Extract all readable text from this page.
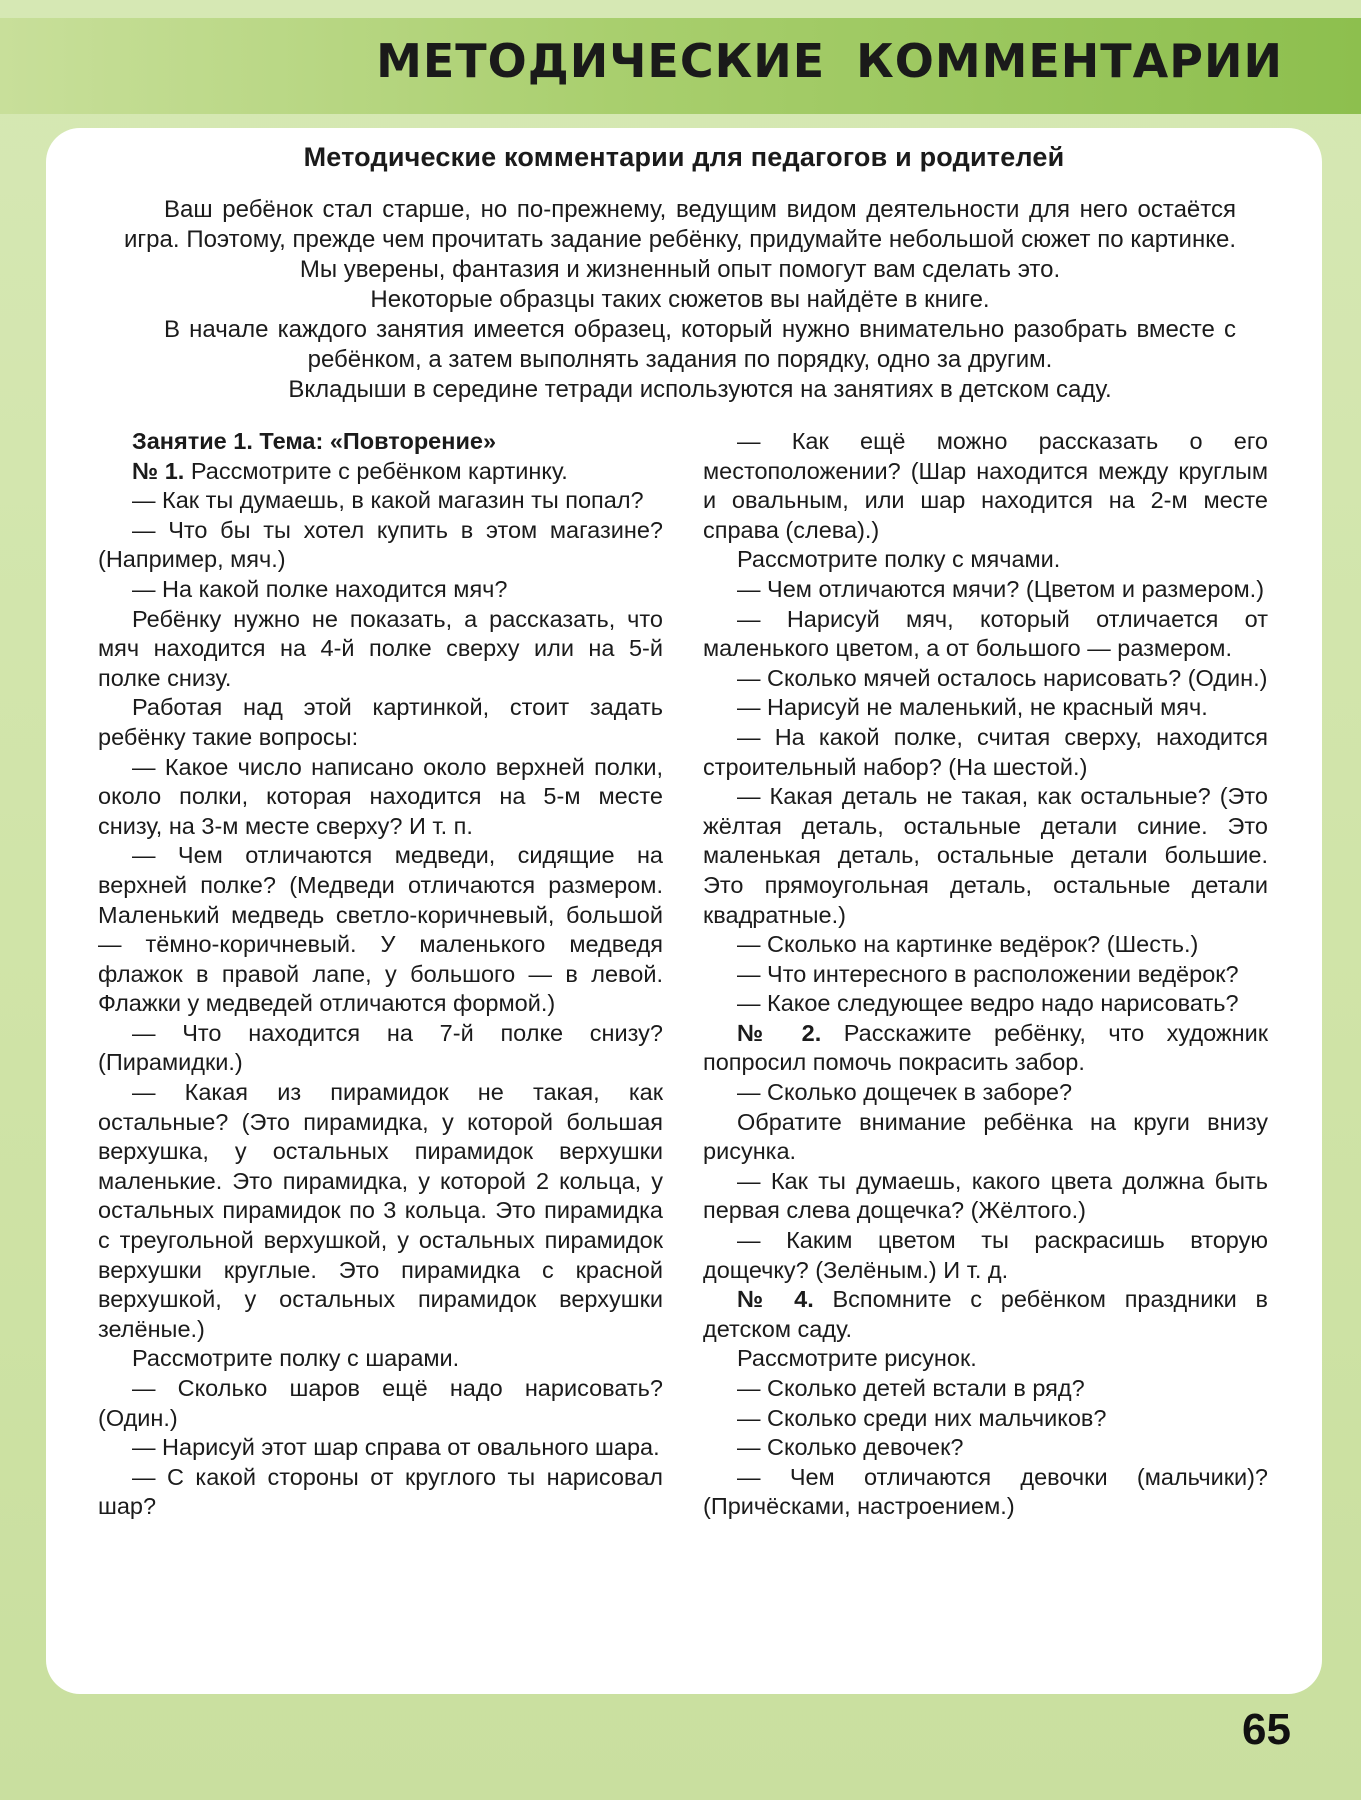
МЕТОДИЧЕСКИЕ КОММЕНТАРИИ
Методические комментарии для педагогов и родителей

Ваш ребёнок стал старше, но по-прежнему, ведущим видом деятельности для него остаётся игра. Поэтому, прежде чем прочитать задание ребёнку, придумайте небольшой сюжет по картинке. Мы уверены, фантазия и жизненный опыт помогут вам сделать это.

Некоторые образцы таких сюжетов вы найдёте в книге.

В начале каждого занятия имеется образец, который нужно внимательно разобрать вместе с ребёнком, а затем выполнять задания по порядку, одно за другим.

Вкладыши в середине тетради используются на занятиях в детском саду.

Занятие 1. Тема: «Повторение»

№ 1. Рассмотрите с ребёнком картинку.

— Как ты думаешь, в какой магазин ты попал?

— Что бы ты хотел купить в этом магазине? (Например, мяч.)

— На какой полке находится мяч?

Ребёнку нужно не показать, а рассказать, что мяч находится на 4-й полке сверху или на 5-й полке снизу.

Работая над этой картинкой, стоит задать ребёнку такие вопросы:

— Какое число написано около верхней полки, около полки, которая находится на 5-м месте снизу, на 3-м месте сверху? И т. п.

— Чем отличаются медведи, сидящие на верхней полке? (Медведи отличаются размером. Маленький медведь светло-коричневый, большой — тёмно-коричневый. У маленького медведя флажок в правой лапе, у большого — в левой. Флажки у медведей отличаются формой.)

— Что находится на 7-й полке снизу? (Пирамидки.)

— Какая из пирамидок не такая, как остальные? (Это пирамидка, у которой большая верхушка, у остальных пирамидок верхушки маленькие. Это пирамидка, у которой 2 кольца, у остальных пирамидок по 3 кольца. Это пирамидка с треугольной верхушкой, у остальных пирамидок верхушки круглые. Это пирамидка с красной верхушкой, у остальных пирамидок верхушки зелёные.)

Рассмотрите полку с шарами.

— Сколько шаров ещё надо нарисовать? (Один.)

— Нарисуй этот шар справа от овального шара.

— С какой стороны от круглого ты нарисовал шар?

— Как ещё можно рассказать о его местоположении? (Шар находится между круглым и овальным, или шар находится на 2-м месте справа (слева).)

Рассмотрите полку с мячами.

— Чем отличаются мячи? (Цветом и размером.)

— Нарисуй мяч, который отличается от маленького цветом, а от большого — размером.

— Сколько мячей осталось нарисовать? (Один.)

— Нарисуй не маленький, не красный мяч.

— На какой полке, считая сверху, находится строительный набор? (На шестой.)

— Какая деталь не такая, как остальные? (Это жёлтая деталь, остальные детали синие. Это маленькая деталь, остальные детали большие. Это прямоугольная деталь, остальные детали квадратные.)

— Сколько на картинке ведёрок? (Шесть.)

— Что интересного в расположении ведёрок?

— Какое следующее ведро надо нарисовать?

№ 2. Расскажите ребёнку, что художник попросил помочь покрасить забор.

— Сколько дощечек в заборе?

Обратите внимание ребёнка на круги внизу рисунка.

— Как ты думаешь, какого цвета должна быть первая слева дощечка? (Жёлтого.)

— Каким цветом ты раскрасишь вторую дощечку? (Зелёным.) И т. д.

№ 4. Вспомните с ребёнком праздники в детском саду.

Рассмотрите рисунок.

— Сколько детей встали в ряд?

— Сколько среди них мальчиков?

— Сколько девочек?

— Чем отличаются девочки (мальчики)? (Причёсками, настроением.)

65
